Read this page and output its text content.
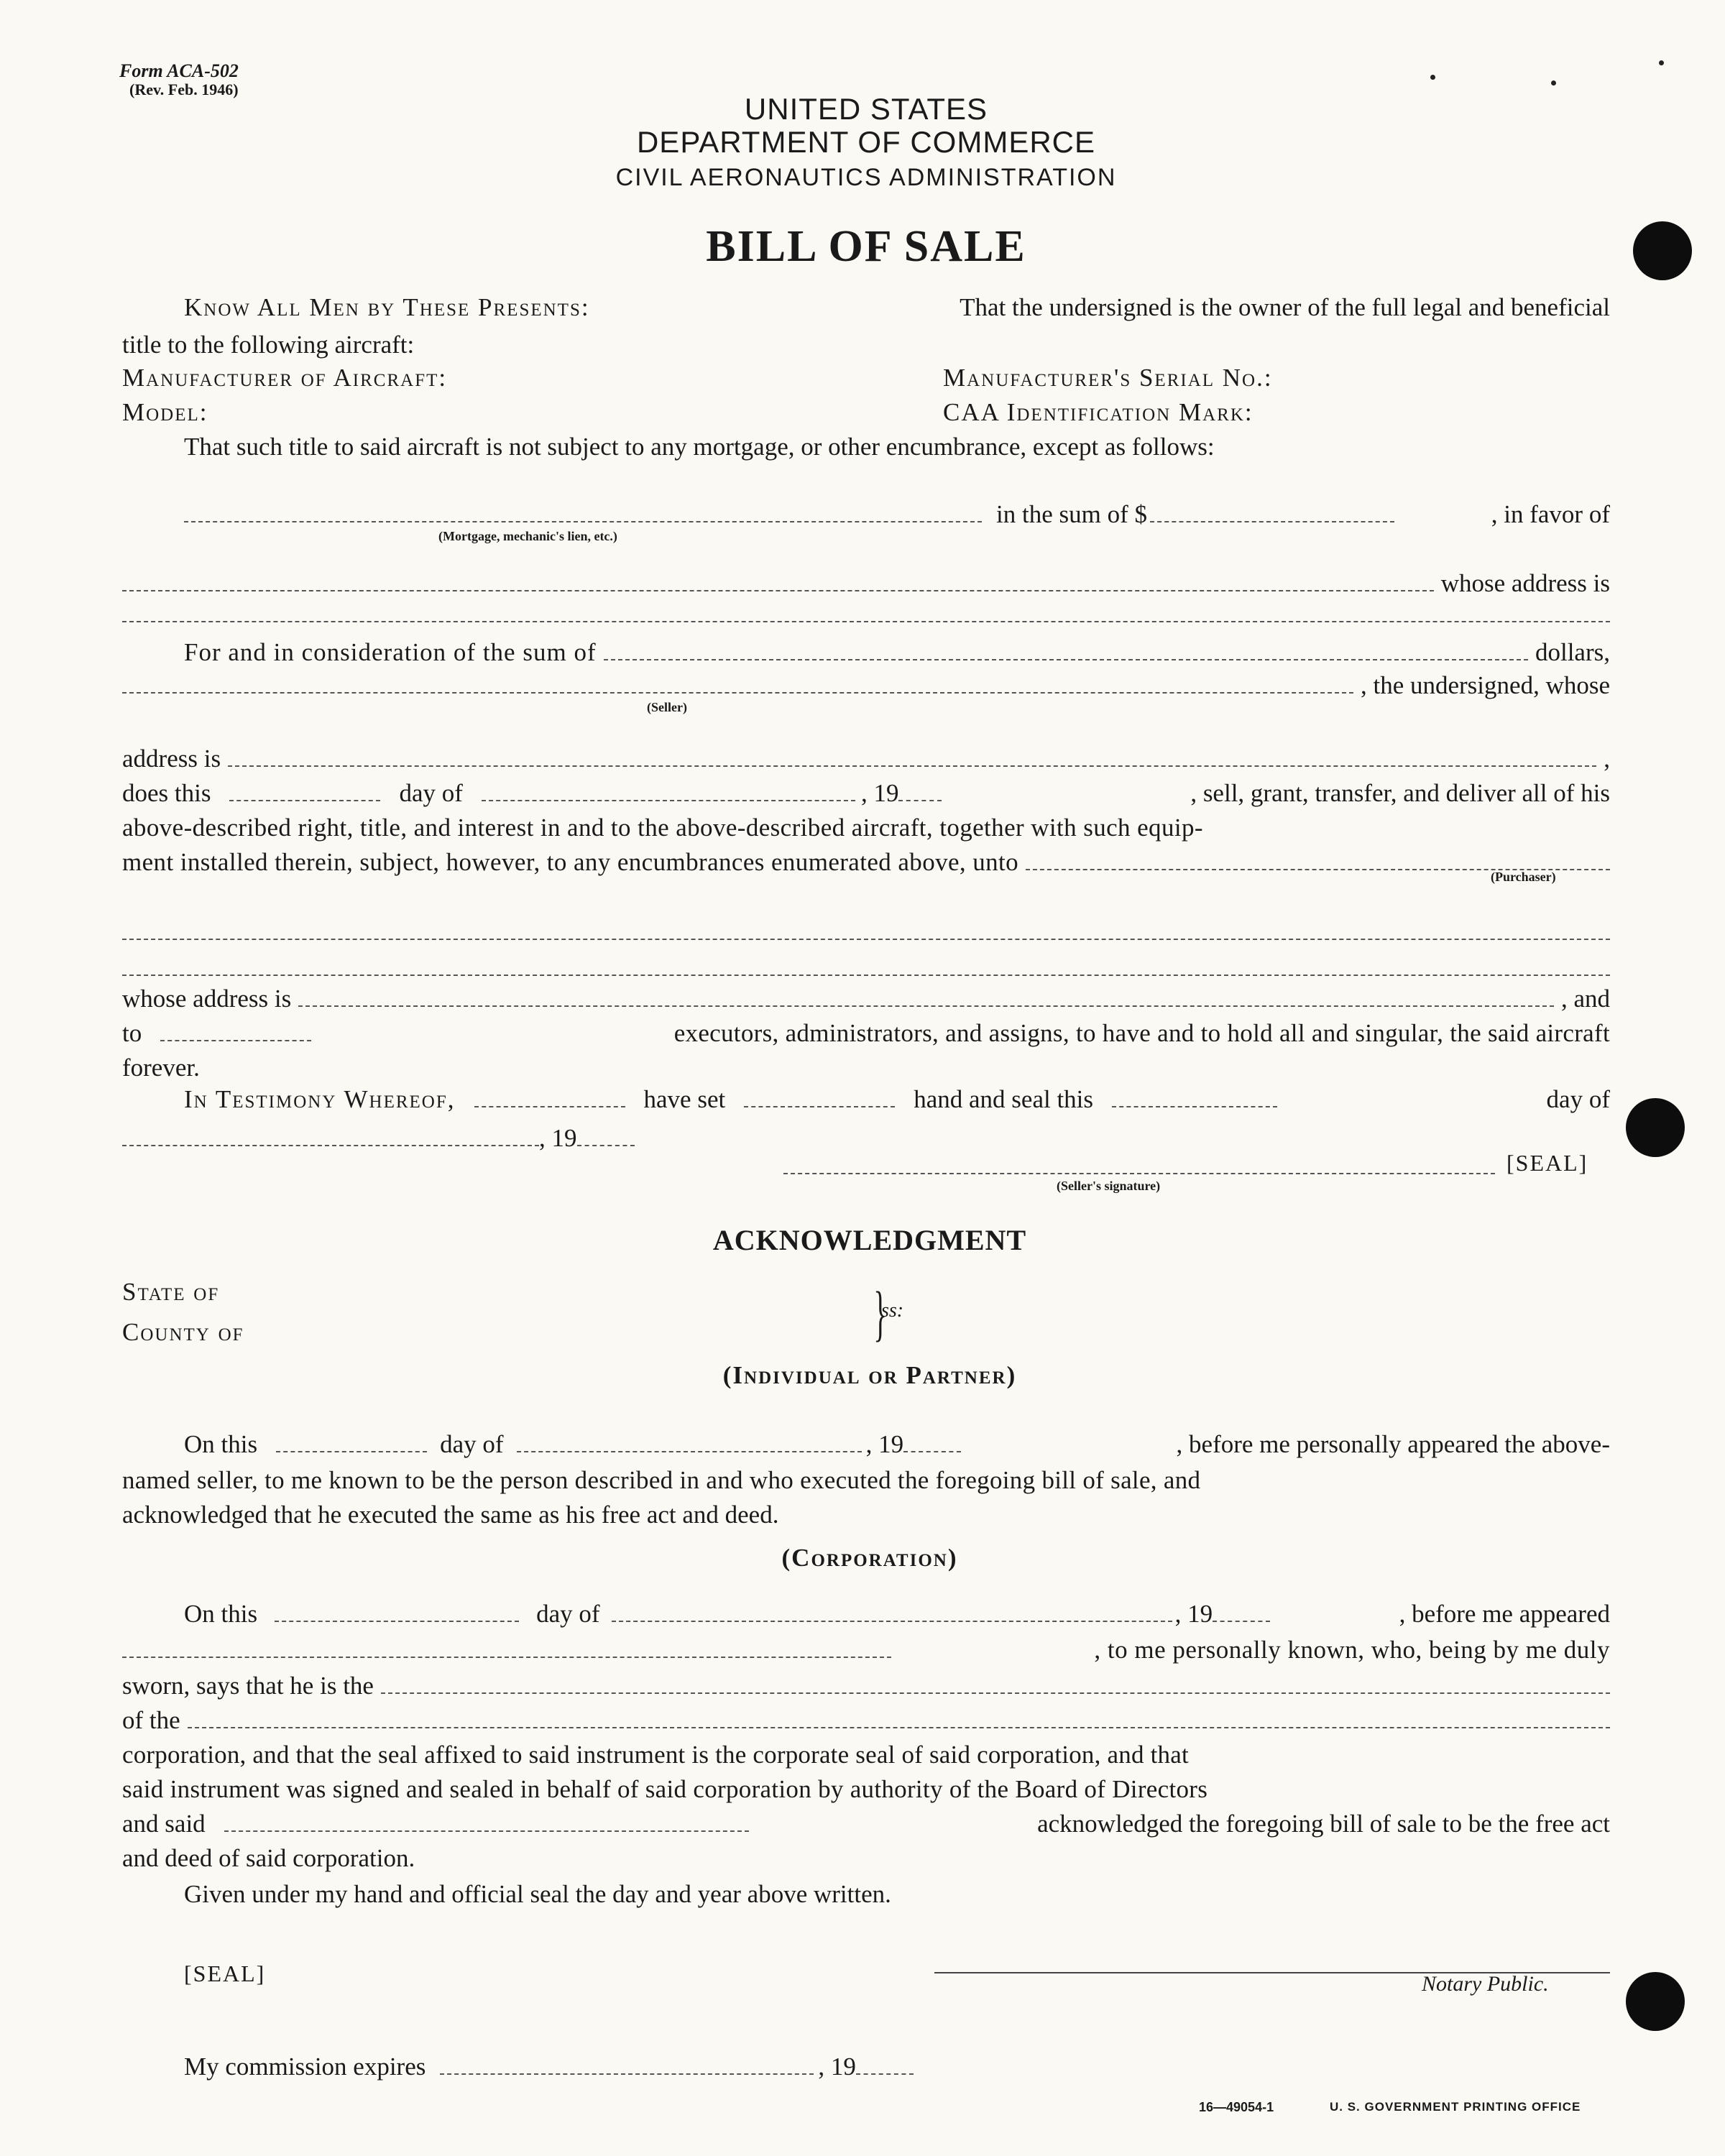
Form ACA-502
(Rev. Feb. 1946)
UNITED STATES
DEPARTMENT OF COMMERCE
CIVIL AERONAUTICS ADMINISTRATION
BILL OF SALE
Know All Men by These Presents:	That the undersigned is the owner of the full legal and beneficial
title to the following aircraft:
Manufacturer of Aircraft:	Manufacturer's Serial No.:
Model:	CAA Identification Mark:
That such title to said aircraft is not subject to any mortgage, or other encumbrance, except as follows:
in the sum of $	, in favor of
(Mortgage, mechanic's lien, etc.)
whose address is
For and in consideration of the sum of	dollars,
, the undersigned, whose
(Seller)
address is	,
does this	day of	, 19	, sell, grant, transfer, and deliver all of his
above-described right, title, and interest in and to the above-described aircraft, together with such equip-
ment installed therein, subject, however, to any encumbrances enumerated above, unto
(Purchaser)
whose address is	, and
to	executors, administrators, and assigns, to have and to hold all and singular, the said aircraft
forever.
In Testimony Whereof,	have set	hand and seal this	day of
, 19
[SEAL]
(Seller's signature)
ACKNOWLEDGMENT
State of
County of	}
ss:
(Individual or Partner)
On this	day of	, 19	, before me personally appeared the above-
named seller, to me known to be the person described in and who executed the foregoing bill of sale, and
acknowledged that he executed the same as his free act and deed.
(Corporation)
On this	day of	, 19	, before me appeared
, to me personally known, who, being by me duly
sworn, says that he is the
of the
corporation, and that the seal affixed to said instrument is the corporate seal of said corporation, and that
said instrument was signed and sealed in behalf of said corporation by authority of the Board of Directors
and said	acknowledged the foregoing bill of sale to be the free act
and deed of said corporation.
Given under my hand and official seal the day and year above written.
[SEAL]	Notary Public.
My commission expires	, 19
16—49054-1	U. S. GOVERNMENT PRINTING OFFICE
